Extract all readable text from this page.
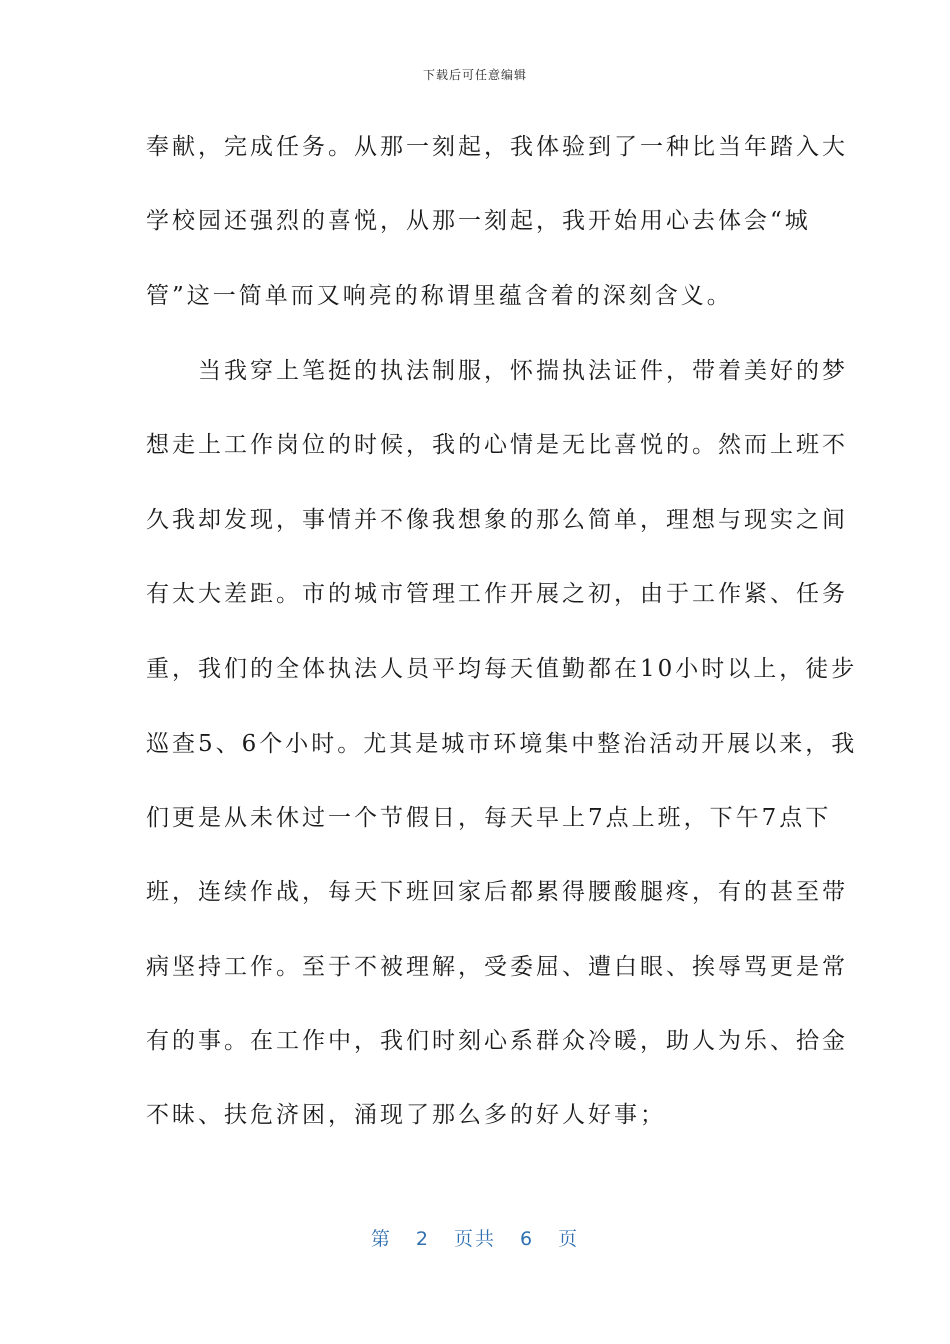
下载后可任意编辑
奉献，完成任务。从那一刻起，我体验到了一种比当年踏入大
学校园还强烈的喜悦，从那一刻起，我开始用心去体会“城
管”这一简单而又响亮的称谓里蕴含着的深刻含义。
　　当我穿上笔挺的执法制服，怀揣执法证件，带着美好的梦
想走上工作岗位的时候，我的心情是无比喜悦的。然而上班不
久我却发现，事情并不像我想象的那么简单，理想与现实之间
有太大差距。市的城市管理工作开展之初，由于工作紧、任务
重，我们的全体执法人员平均每天值勤都在10小时以上，徒步
巡查5、6个小时。尤其是城市环境集中整治活动开展以来，我
们更是从未休过一个节假日，每天早上7点上班，下午7点下
班，连续作战，每天下班回家后都累得腰酸腿疼，有的甚至带
病坚持工作。至于不被理解，受委屈、遭白眼、挨辱骂更是常
有的事。在工作中，我们时刻心系群众冷暖，助人为乐、拾金
不昧、扶危济困，涌现了那么多的好人好事；
第 2 页共 6 页
